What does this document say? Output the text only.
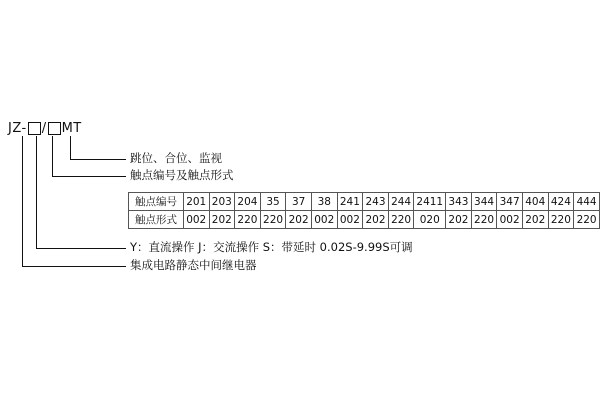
JZ- / MT
跳位、合位、监视
触点编号及触点形式
Y：直流操作 J：交流操作 S：带延时 0.02S-9.99S可调
集成电路静态中间继电器
触点编号	201	203	204	35	37	38	241	243	244	2411	343	344	347	404	424	444
触点形式	002	202	220	220	202	002	002	202	220	020	202	220	002	202	220	220
